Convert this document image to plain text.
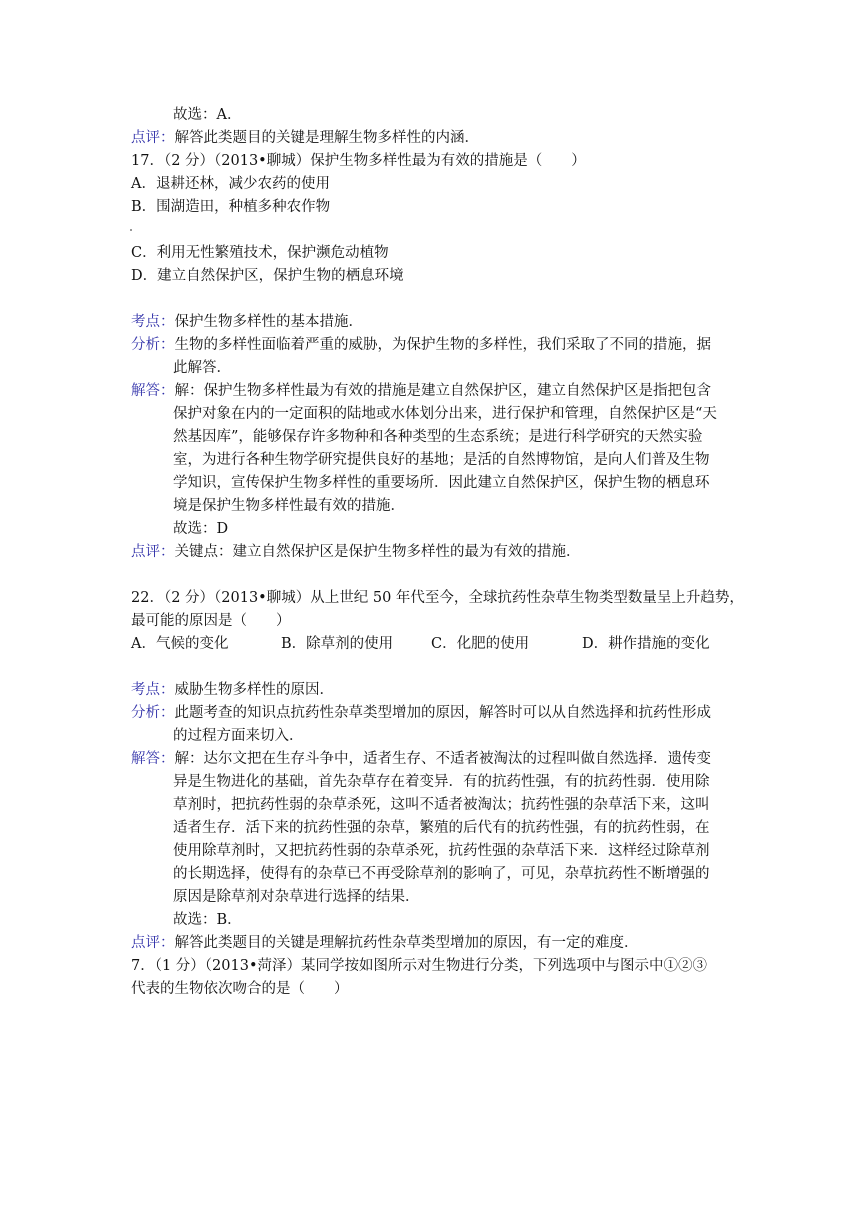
故选：A．
点评：解答此类题目的关键是理解生物多样性的内涵．
17．（2 分）（2013•聊城）保护生物多样性最为有效的措施是（　　）
A．退耕还林，减少农药的使用
B．围湖造田，种植多种农作物
C．利用无性繁殖技术，保护濒危动植物
D．建立自然保护区，保护生物的栖息环境
考点：保护生物多样性的基本措施．
分析：生物的多样性面临着严重的威胁，为保护生物的多样性，我们采取了不同的措施，据
此解答．
解答：解：保护生物多样性最为有效的措施是建立自然保护区，建立自然保护区是指把包含
保护对象在内的一定面积的陆地或水体划分出来，进行保护和管理，自然保护区是“天
然基因库”，能够保存许多物种和各种类型的生态系统；是进行科学研究的天然实验
室，为进行各种生物学研究提供良好的基地；是活的自然博物馆，是向人们普及生物
学知识，宣传保护生物多样性的重要场所．因此建立自然保护区，保护生物的栖息环
境是保护生物多样性最有效的措施．
故选：D
点评：关键点：建立自然保护区是保护生物多样性的最为有效的措施．
22．（2 分）（2013•聊城）从上世纪 50 年代至今，全球抗药性杂草生物类型数量呈上升趋势，
最可能的原因是（　　）
A．气候的变化	B．除草剂的使用	C．化肥的使用	D．耕作措施的变化
考点：威胁生物多样性的原因．
分析：此题考查的知识点抗药性杂草类型增加的原因，解答时可以从自然选择和抗药性形成
的过程方面来切入．
解答：解：达尔文把在生存斗争中，适者生存、不适者被淘汰的过程叫做自然选择．遗传变
异是生物进化的基础，首先杂草存在着变异．有的抗药性强，有的抗药性弱．使用除
草剂时，把抗药性弱的杂草杀死，这叫不适者被淘汰；抗药性强的杂草活下来，这叫
适者生存．活下来的抗药性强的杂草，繁殖的后代有的抗药性强，有的抗药性弱，在
使用除草剂时，又把抗药性弱的杂草杀死，抗药性强的杂草活下来．这样经过除草剂
的长期选择，使得有的杂草已不再受除草剂的影响了，可见，杂草抗药性不断增强的
原因是除草剂对杂草进行选择的结果．
故选：B．
点评：解答此类题目的关键是理解抗药性杂草类型增加的原因，有一定的难度．
7．（1 分）（2013•菏泽）某同学按如图所示对生物进行分类，下列选项中与图示中①②③
代表的生物依次吻合的是（　　）
